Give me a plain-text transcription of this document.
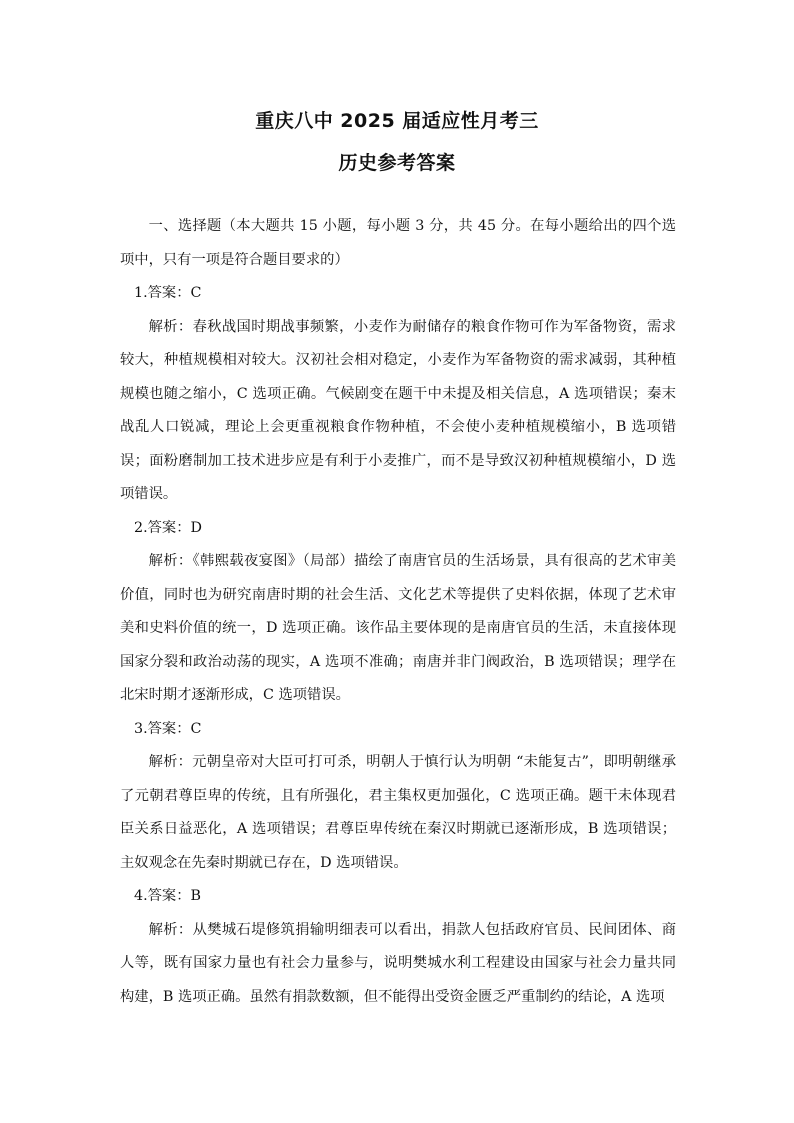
重庆八中 2025 届适应性月考三
历史参考答案

一、选择题（本大题共 15 小题，每小题 3 分，共 45 分。在每小题给出的四个选项中，只有一项是符合题目要求的）

1.答案：C

解析：春秋战国时期战事频繁，小麦作为耐储存的粮食作物可作为军备物资，需求较大，种植规模相对较大。汉初社会相对稳定，小麦作为军备物资的需求减弱，其种植规模也随之缩小，C 选项正确。气候剧变在题干中未提及相关信息，A 选项错误；秦末战乱人口锐减，理论上会更重视粮食作物种植，不会使小麦种植规模缩小，B 选项错误；面粉磨制加工技术进步应是有利于小麦推广，而不是导致汉初种植规模缩小，D 选项错误。

2.答案：D

解析：《韩熙载夜宴图》（局部）描绘了南唐官员的生活场景，具有很高的艺术审美价值，同时也为研究南唐时期的社会生活、文化艺术等提供了史料依据，体现了艺术审美和史料价值的统一，D 选项正确。该作品主要体现的是南唐官员的生活，未直接体现国家分裂和政治动荡的现实，A 选项不准确；南唐并非门阀政治，B 选项错误；理学在北宋时期才逐渐形成，C 选项错误。

3.答案：C

解析：元朝皇帝对大臣可打可杀，明朝人于慎行认为明朝 “未能复古”，即明朝继承了元朝君尊臣卑的传统，且有所强化，君主集权更加强化，C 选项正确。题干未体现君臣关系日益恶化，A 选项错误；君尊臣卑传统在秦汉时期就已逐渐形成，B 选项错误；主奴观念在先秦时期就已存在，D 选项错误。

4.答案：B

解析：从樊城石堤修筑捐输明细表可以看出，捐款人包括政府官员、民间团体、商人等，既有国家力量也有社会力量参与，说明樊城水利工程建设由国家与社会力量共同构建，B 选项正确。虽然有捐款数额，但不能得出受资金匮乏严重制约的结论，A 选项
